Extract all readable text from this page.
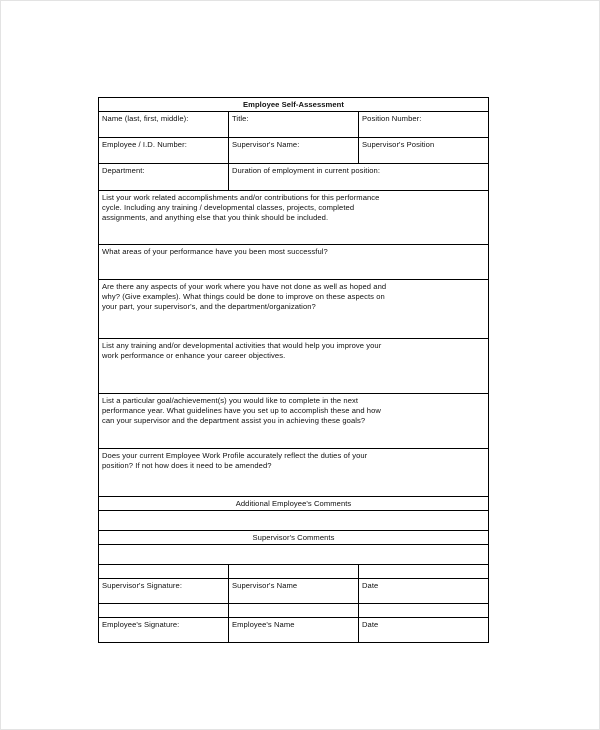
Employee Self-Assessment		
Name (last, first, middle):	Title:	Position Number:
Employee / I.D. Number:	Supervisor's Name:	Supervisor's Position
Department:	Duration of employment in current position:	

List your work related accomplishments and/or contributions for this performance

cycle. Including any training / developmental classes, projects, completed

assignments, and anything else that you think should be included.		

What areas of your performance have you been most successful?		

Are there any aspects of your work where you have not done as well as hoped and

why? (Give examples). What things could be done to improve on these aspects on

your part, your supervisor's, and the department/organization?		

List any training and/or developmental activities that would help you improve your

work performance or enhance your career objectives.		

List a particular goal/achievement(s) you would like to complete in the next

performance year. What guidelines have you set up to accomplish these and how

can your supervisor and the department assist you in achieving these goals?		

Does your current Employee Work Profile accurately reflect the duties of your

position? If not how does it need to be amended?		

Additional Employee's Comments		

Supervisor's Comments		

Supervisor's Signature:	Supervisor's Name	Date

Employee's Signature:	Employee's Name	Date
